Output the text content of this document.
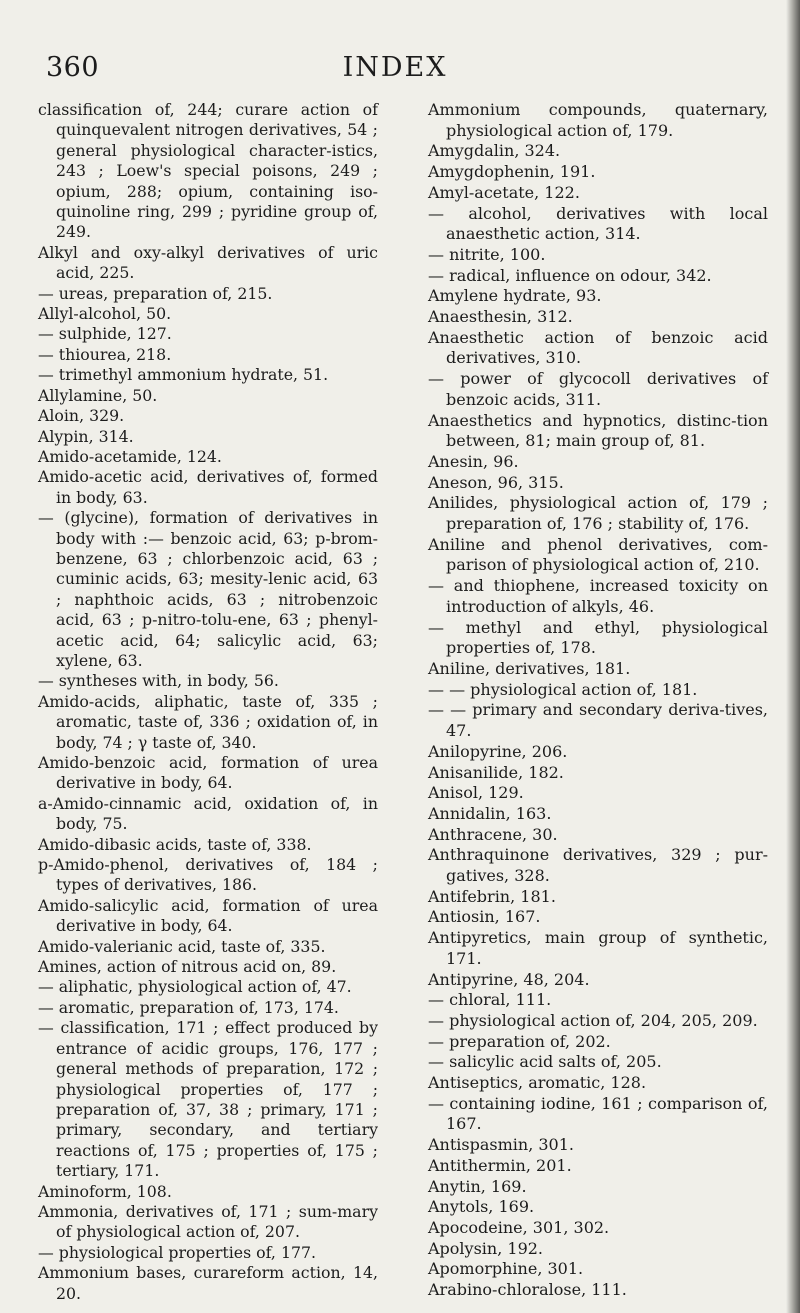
360	INDEX
classification of, 244; curare action of quinquevalent nitrogen derivatives, 54 ; general physiological character-istics, 243 ; Loew's special poisons, 249 ; opium, 288; opium, containing iso-quinoline ring, 299 ; pyridine group of, 249.
Alkyl and oxy-alkyl derivatives of uric acid, 225.
— ureas, preparation of, 215.
Allyl-alcohol, 50.
— sulphide, 127.
— thiourea, 218.
— trimethyl ammonium hydrate, 51.
Allylamine, 50.
Aloin, 329.
Alypin, 314.
Amido-acetamide, 124.
Amido-acetic acid, derivatives of, formed in body, 63.
— (glycine), formation of derivatives in body with :— benzoic acid, 63; p-brom-benzene, 63 ; chlorbenzoic acid, 63 ; cuminic acids, 63; mesity-lenic acid, 63 ; naphthoic acids, 63 ; nitrobenzoic acid, 63 ; p-nitro-tolu-ene, 63 ; phenyl-acetic acid, 64; salicylic acid, 63; xylene, 63.
— syntheses with, in body, 56.
Amido-acids, aliphatic, taste of, 335 ; aromatic, taste of, 336 ; oxidation of, in body, 74 ; γ taste of, 340.
Amido-benzoic acid, formation of urea derivative in body, 64.
a-Amido-cinnamic acid, oxidation of, in body, 75.
Amido-dibasic acids, taste of, 338.
p-Amido-phenol, derivatives of, 184 ; types of derivatives, 186.
Amido-salicylic acid, formation of urea derivative in body, 64.
Amido-valerianic acid, taste of, 335.
Amines, action of nitrous acid on, 89.
— aliphatic, physiological action of, 47.
— aromatic, preparation of, 173, 174.
— classification, 171 ; effect produced by entrance of acidic groups, 176, 177 ; general methods of preparation, 172 ; physiological properties of, 177 ; preparation of, 37, 38 ; primary, 171 ; primary, secondary, and tertiary reactions of, 175 ; properties of, 175 ; tertiary, 171.
Aminoform, 108.
Ammonia, derivatives of, 171 ; sum-mary of physiological action of, 207.
— physiological properties of, 177.
Ammonium bases, curareform action, 14, 20.
Ammonium compounds, quaternary, physiological action of, 179.
Amygdalin, 324.
Amygdophenin, 191.
Amyl-acetate, 122.
— alcohol, derivatives with local anaesthetic action, 314.
— nitrite, 100.
— radical, influence on odour, 342.
Amylene hydrate, 93.
Anaesthesin, 312.
Anaesthetic action of benzoic acid derivatives, 310.
— power of glycocoll derivatives of benzoic acids, 311.
Anaesthetics and hypnotics, distinc-tion between, 81; main group of, 81.
Anesin, 96.
Aneson, 96, 315.
Anilides, physiological action of, 179 ; preparation of, 176 ; stability of, 176.
Aniline and phenol derivatives, com-parison of physiological action of, 210.
— and thiophene, increased toxicity on introduction of alkyls, 46.
— methyl and ethyl, physiological properties of, 178.
Aniline, derivatives, 181.
— — physiological action of, 181.
— — primary and secondary deriva-tives, 47.
Anilopyrine, 206.
Anisanilide, 182.
Anisol, 129.
Annidalin, 163.
Anthracene, 30.
Anthraquinone derivatives, 329 ; pur-gatives, 328.
Antifebrin, 181.
Antiosin, 167.
Antipyretics, main group of synthetic, 171.
Antipyrine, 48, 204.
— chloral, 111.
— physiological action of, 204, 205, 209.
— preparation of, 202.
— salicylic acid salts of, 205.
Antiseptics, aromatic, 128.
— containing iodine, 161 ; comparison of, 167.
Antispasmin, 301.
Antithermin, 201.
Anytin, 169.
Anytols, 169.
Apocodeine, 301, 302.
Apolysin, 192.
Apomorphine, 301.
Arabino-chloralose, 111.
